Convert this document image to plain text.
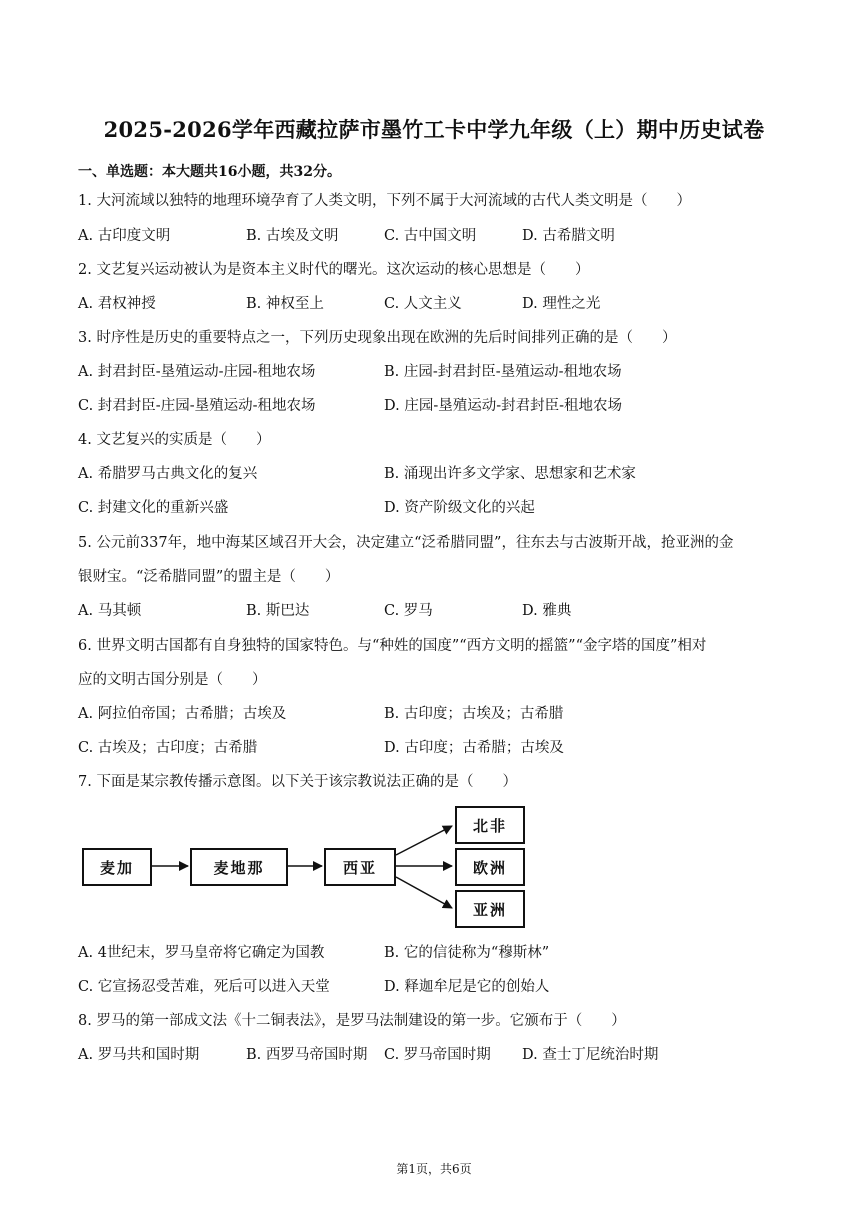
2025-2026学年西藏拉萨市墨竹工卡中学九年级（上）期中历史试卷
一、单选题：本大题共16小题，共32分。
1. 大河流域以独特的地理环境孕育了人类文明，下列不属于大河流域的古代人类文明是（　　）
A. 古印度文明	B. 古埃及文明	C. 古中国文明	D. 古希腊文明
2. 文艺复兴运动被认为是资本主义时代的曙光。这次运动的核心思想是（　　）
A. 君权神授	B. 神权至上	C. 人文主义	D. 理性之光
3. 时序性是历史的重要特点之一，下列历史现象出现在欧洲的先后时间排列正确的是（　　）
A. 封君封臣-垦殖运动-庄园-租地农场	B. 庄园-封君封臣-垦殖运动-租地农场
C. 封君封臣-庄园-垦殖运动-租地农场	D. 庄园-垦殖运动-封君封臣-租地农场
4. 文艺复兴的实质是（　　）
A. 希腊罗马古典文化的复兴	B. 涌现出许多文学家、思想家和艺术家
C. 封建文化的重新兴盛	D. 资产阶级文化的兴起
5. 公元前337年，地中海某区域召开大会，决定建立“泛希腊同盟”，往东去与古波斯开战，抢亚洲的金
银财宝。“泛希腊同盟”的盟主是（　　）
A. 马其顿	B. 斯巴达	C. 罗马	D. 雅典
6. 世界文明古国都有自身独特的国家特色。与“种姓的国度”“西方文明的摇篮”“金字塔的国度”相对
应的文明古国分别是（　　）
A. 阿拉伯帝国；古希腊；古埃及	B. 古印度；古埃及；古希腊
C. 古埃及；古印度；古希腊	D. 古印度；古希腊；古埃及
7. 下面是某宗教传播示意图。以下关于该宗教说法正确的是（　　）
麦加	麦地那	西亚
北非
欧洲
亚洲
A. 4世纪末，罗马皇帝将它确定为国教	B. 它的信徒称为“穆斯林”
C. 它宣扬忍受苦难，死后可以进入天堂	D. 释迦牟尼是它的创始人
8. 罗马的第一部成文法《十二铜表法》，是罗马法制建设的第一步。它颁布于（　　）
A. 罗马共和国时期	B. 西罗马帝国时期 C. 罗马帝国时期 D. 查士丁尼统治时期
第1页，共6页
